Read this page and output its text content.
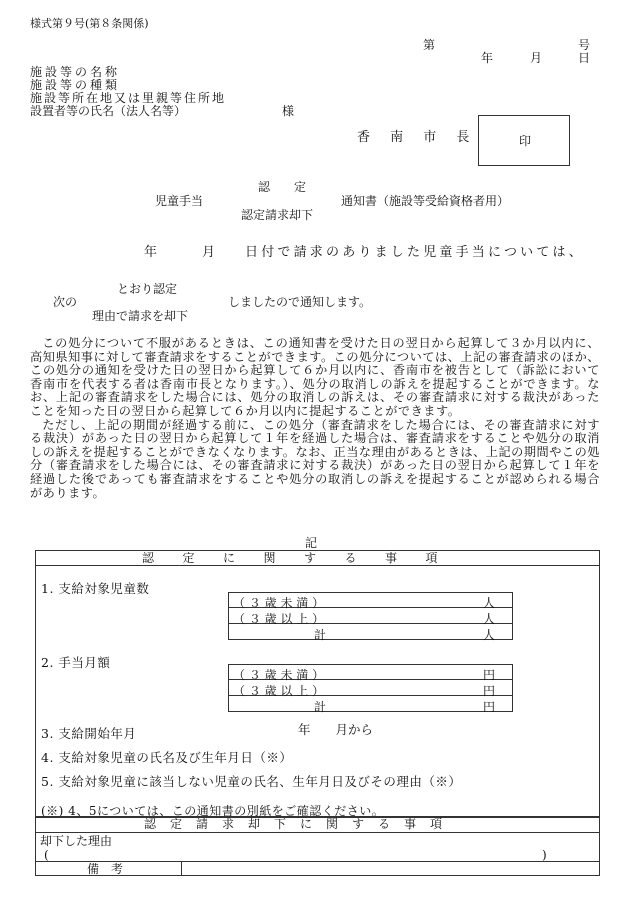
様式第９号(第８条関係)
第	号
年	月	日
施設等の名称
施設等の種類
施設等所在地又は里親等住所地
設置者等の氏名（法人名等）	様
香 南 市 長	印
認　　定
児童手当	通知書（施設等受給資格者用）
認定請求却下
年	月 日付で請求のありました児童手当については、
とおり認定
次の	しましたので通知します。
理由で請求を却下

この処分について不服があるときは、この通知書を受けた日の翌日から起算して３か月以内に、高知県知事に対して審査請求をすることができます。この処分については、上記の審査請求のほか、この処分の通知を受けた日の翌日から起算して６か月以内に、香南市を被告として（訴訟において香南市を代表する者は香南市長となります。）、処分の取消しの訴えを提起することができます。なお、上記の審査請求をした場合には、処分の取消しの訴えは、その審査請求に対する裁決があったことを知った日の翌日から起算して６か月以内に提起することができます。

ただし、上記の期間が経過する前に、この処分（審査請求をした場合には、その審査請求に対する裁決）があった日の翌日から起算して１年を経過した場合は、審査請求をすることや処分の取消しの訴えを提起することができなくなります。なお、正当な理由があるときは、上記の期間やこの処分（審査請求をした場合には、その審査請求に対する裁決）があった日の翌日から起算して１年を経過した後であっても審査請求をすることや処分の取消しの訴えを提起することが認められる場合があります。

記
認　　定　　に　　関　　す　　る　　事　　項
1. 支給対象児童数
（ ３ 歳 未 満 ）	人
（ ３ 歳 以 上 ）	人
計	人
2. 手当月額
（ ３ 歳 未 満 ）	円
（ ３ 歳 以 上 ）	円
計	円
3. 支給開始年月	年　　月から
4. 支給対象児童の氏名及び生年月日（※）
5. 支給対象児童に該当しない児童の氏名、生年月日及びその理由（※）
(※) 4、5については、この通知書の別紙をご確認ください。
認　定　請　求　却　下　に　関　す　る　事　項
却下した理由
(	)
備　考
